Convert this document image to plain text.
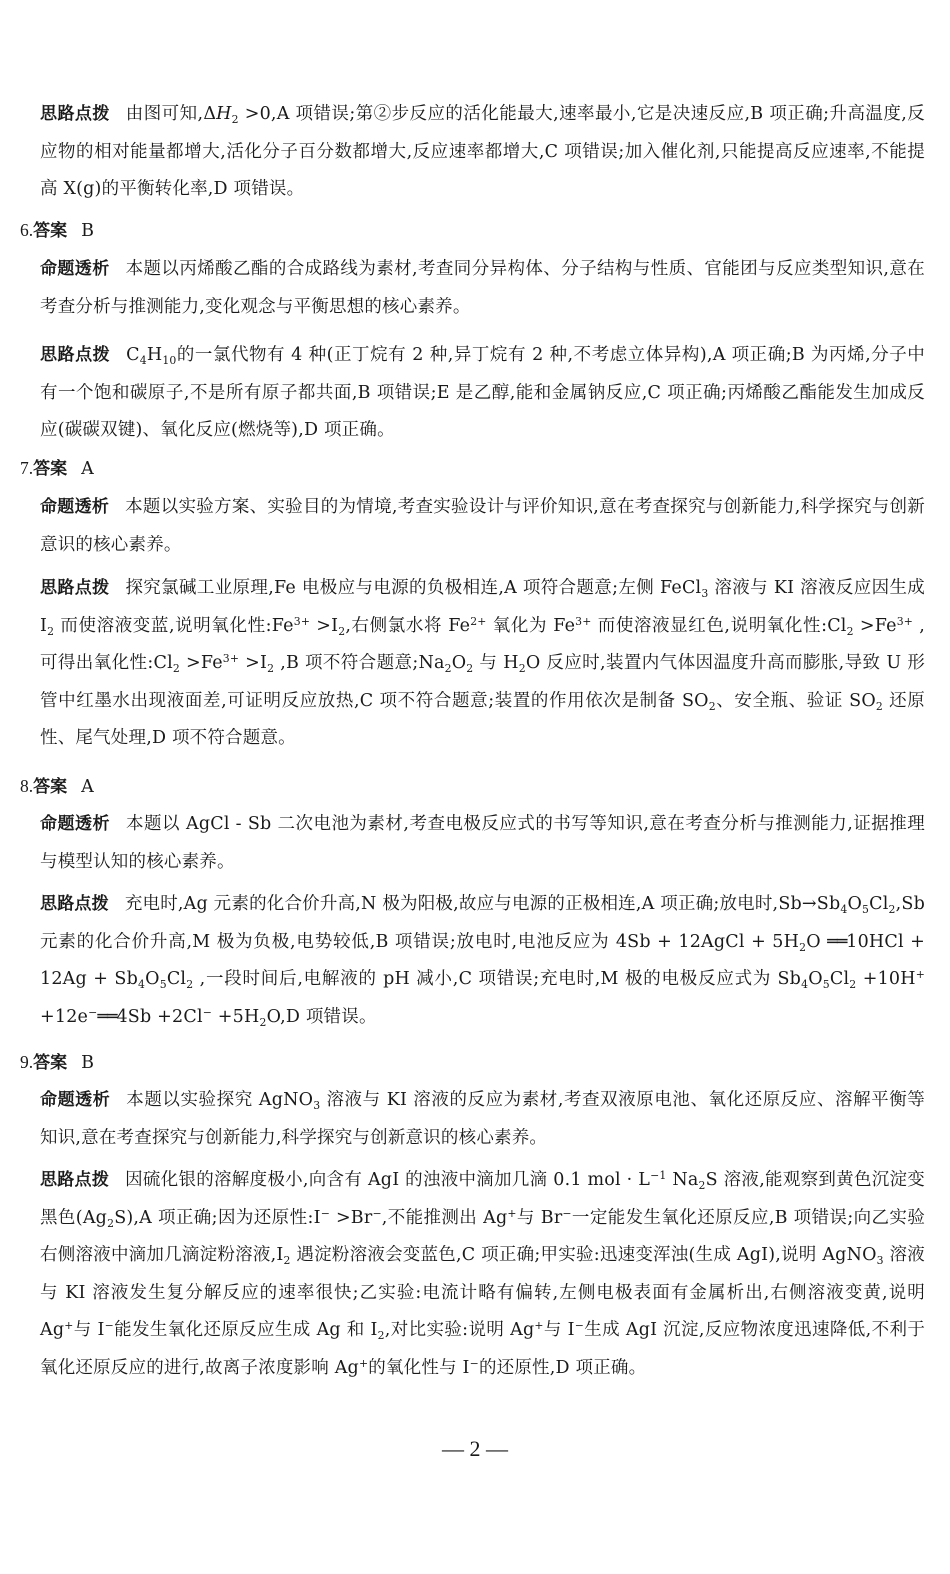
思路点拨 由图可知$,\Delta H_2 >0,A$ 项错误;第②步反应的活化能最大,速率最小,它是决速反应,B 项正确;升高温度,反应物的相对能量都增大,活化分子百分数都增大,反应速率都增大,C 项错误;加入催化剂,只能提高反应速率,不能提高 X(g)的平衡转化率,D 项错误。

6.答案 B

命题透析 本题以丙烯酸乙酯的合成路线为素材,考查同分异构体、分子结构与性质、官能团与反应类型知识,意在考查分析与推测能力,变化观念与平衡思想的核心素养。

思路点拨 $C_4H_{10}$的一氯代物有 4 种(正丁烷有 2 种,异丁烷有 2 种,不考虑立体异构),A 项正确;B 为丙烯,分子中有一个饱和碳原子,不是所有原子都共面,B 项错误;E 是乙醇,能和金属钠反应,C 项正确;丙烯酸乙酯能发生加成反应(碳碳双键)、氧化反应(燃烧等),D 项正确。

7.答案 A

命题透析 本题以实验方案、实验目的为情境,考查实验设计与评价知识,意在考查探究与创新能力,科学探究与创新意识的核心素养。

思路点拨 探究氯碱工业原理,Fe 电极应与电源的负极相连,A 项符合题意;左侧 FeCl$_3$ 溶液与 KI 溶液反应因生成 $I_2$ 而使溶液变蓝,说明氧化性$:Fe^{3+} >I_2$,右侧氯水将 $Fe^{2+}$ 氧化为 $Fe^{3+}$ 而使溶液显红色,说明氧化性$:Cl_2 >Fe^{3+}$ ,可得出氧化性$:Cl_2 >Fe^{3+} >I_2$ ,B 项不符合题意$;Na_2O_2$ 与 $H_2O$ 反应时,装置内气体因温度升高而膨胀,导致 U 形管中红墨水出现液面差,可证明反应放热,C 项不符合题意;装置的作用依次是制备 $SO_2$、安全瓶、验证 $SO_2$ 还原性、尾气处理,D 项不符合题意。

8.答案 A

命题透析 本题以 AgCl - Sb 二次电池为素材,考查电极反应式的书写等知识,意在考查分析与推测能力,证据推理与模型认知的核心素养。

思路点拨 充电时,Ag 元素的化合价升高,N 极为阳极,故应与电源的正极相连,A 项正确;放电时$,Sb\to Sb_4O_5Cl_2,Sb$ 元素的化合价升高,M 极为负极,电势较低,B 项错误;放电时,电池反应为 4Sb + 12AgCl + $5H_2O$ ══10HCl + $12Ag + Sb_4O_5Cl_2$ ,一段时间后,电解液的 pH 减小,C 项错误;充电时,M 极的电极反应式为 $Sb_4O_5Cl_2 +10H^+$ +12e−══4Sb $+2Cl^- +5H_2O,D$ 项错误。

9.答案 B

命题透析 本题以实验探究 AgNO$_3$ 溶液与 KI 溶液的反应为素材,考查双液原电池、氧化还原反应、溶解平衡等知识,意在考查探究与创新能力,科学探究与创新意识的核心素养。

思路点拨 因硫化银的溶解度极小,向含有 AgI 的浊液中滴加几滴 0.1 mol · $L^{-1}$ $Na_2S$ 溶液,能观察到黄色沉淀变黑色$(Ag_2S),A$ 项正确;因为还原性:I− >Br−,不能推测出 Ag+与 Br−一定能发生氧化还原反应,B 项错误;向乙实验右侧溶液中滴加几滴淀粉溶液$,I_2$ 遇淀粉溶液会变蓝色,C 项正确;甲实验:迅速变浑浊(生成 AgI),说明 AgNO$_3$ 溶液与 KI 溶液发生复分解反应的速率很快;乙实验:电流计略有偏转,左侧电极表面有金属析出,右侧溶液变黄,说明 Ag+与 I−能发生氧化还原反应生成 Ag 和 $I_2$,对比实验:说明 Ag+与 I−生成 AgI 沉淀,反应物浓度迅速降低,不利于氧化还原反应的进行,故离子浓度影响 Ag+的氧化性与 I−的还原性,D 项正确。

— 2 —
